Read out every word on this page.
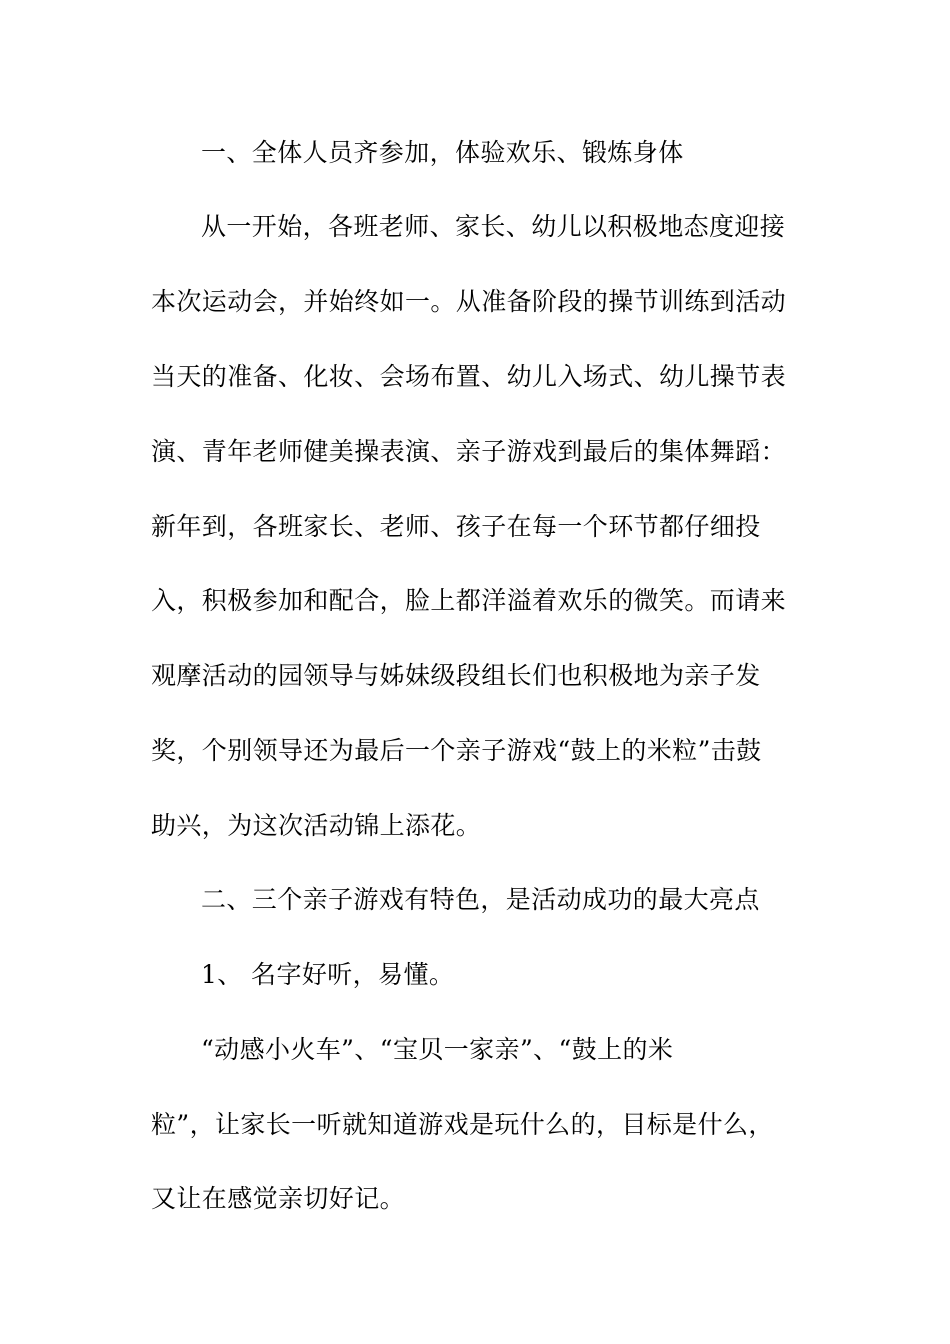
一、全体人员齐参加，体验欢乐、锻炼身体
从一开始，各班老师、家长、幼儿以积极地态度迎接
本次运动会，并始终如一。从准备阶段的操节训练到活动
当天的准备、化妆、会场布置、幼儿入场式、幼儿操节表
演、青年老师健美操表演、亲子游戏到最后的集体舞蹈：
新年到，各班家长、老师、孩子在每一个环节都仔细投
入，积极参加和配合，脸上都洋溢着欢乐的微笑。而请来
观摩活动的园领导与姊妹级段组长们也积极地为亲子发
奖，个别领导还为最后一个亲子游戏“鼓上的米粒”击鼓
助兴，为这次活动锦上添花。
二、三个亲子游戏有特色，是活动成功的最大亮点
1、 名字好听，易懂。
“动感小火车”、“宝贝一家亲”、“鼓上的米
粒”，让家长一听就知道游戏是玩什么的，目标是什么，
又让在感觉亲切好记。
